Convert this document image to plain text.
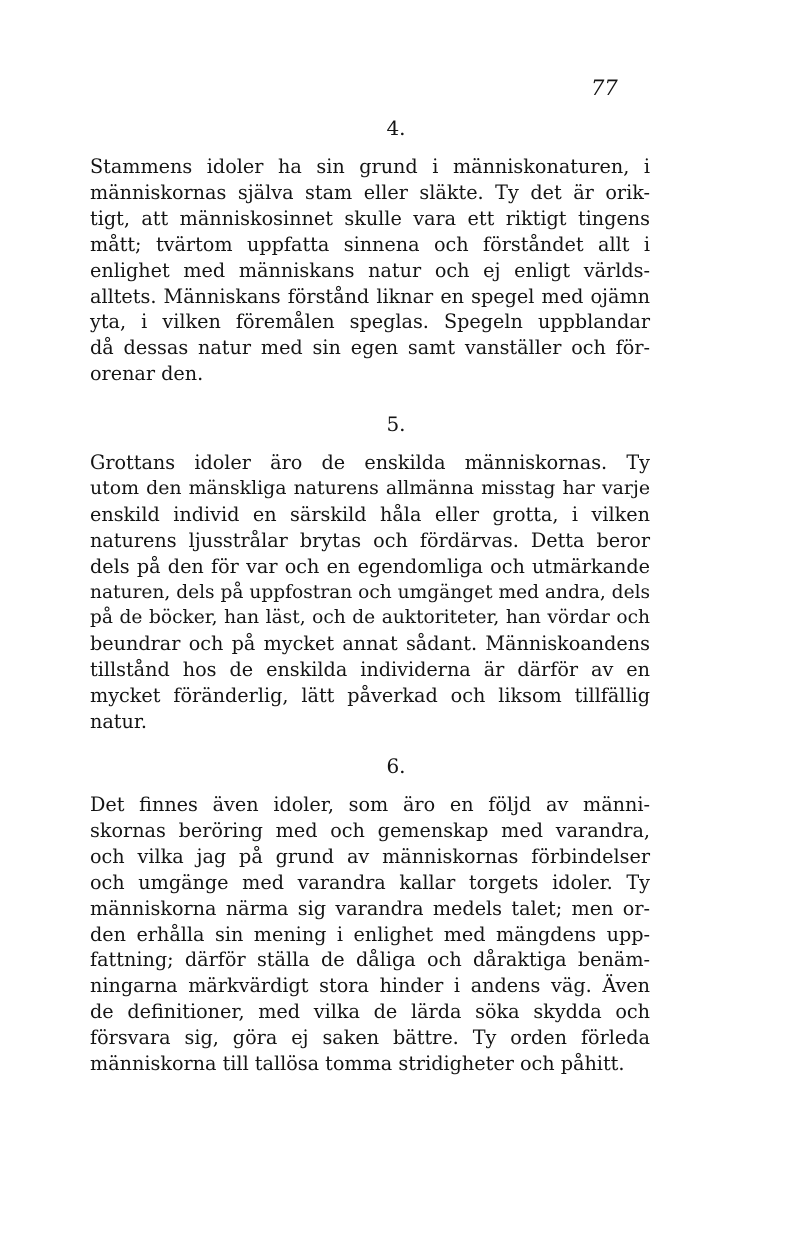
77

4.

Stammens idoler ha sin grund i människonaturen, i
människornas själva stam eller släkte. Ty det är orik-
tigt, att människosinnet skulle vara ett riktigt tingens
mått; tvärtom uppfatta sinnena och förståndet allt i
enlighet med människans natur och ej enligt världs-
alltets. Människans förstånd liknar en spegel med ojämn
yta, i vilken föremålen speglas. Spegeln uppblandar
då dessas natur med sin egen samt vanställer och för-
orenar den.

5.

Grottans idoler äro de enskilda människornas. Ty
utom den mänskliga naturens allmänna misstag har varje
enskild individ en särskild håla eller grotta, i vilken
naturens ljusstrålar brytas och fördärvas. Detta beror
dels på den för var och en egendomliga och utmärkande
naturen, dels på uppfostran och umgänget med andra, dels
på de böcker, han läst, och de auktoriteter, han vördar och
beundrar och på mycket annat sådant. Människoandens
tillstånd hos de enskilda individerna är därför av en
mycket föränderlig, lätt påverkad och liksom tillfällig
natur.

6.

Det finnes även idoler, som äro en följd av männi-
skornas beröring med och gemenskap med varandra,
och vilka jag på grund av människornas förbindelser
och umgänge med varandra kallar torgets idoler. Ty
människorna närma sig varandra medels talet; men or-
den erhålla sin mening i enlighet med mängdens upp-
fattning; därför ställa de dåliga och dåraktiga benäm-
ningarna märkvärdigt stora hinder i andens väg. Även
de definitioner, med vilka de lärda söka skydda och
försvara sig, göra ej saken bättre. Ty orden förleda
människorna till tallösa tomma stridigheter och påhitt.
